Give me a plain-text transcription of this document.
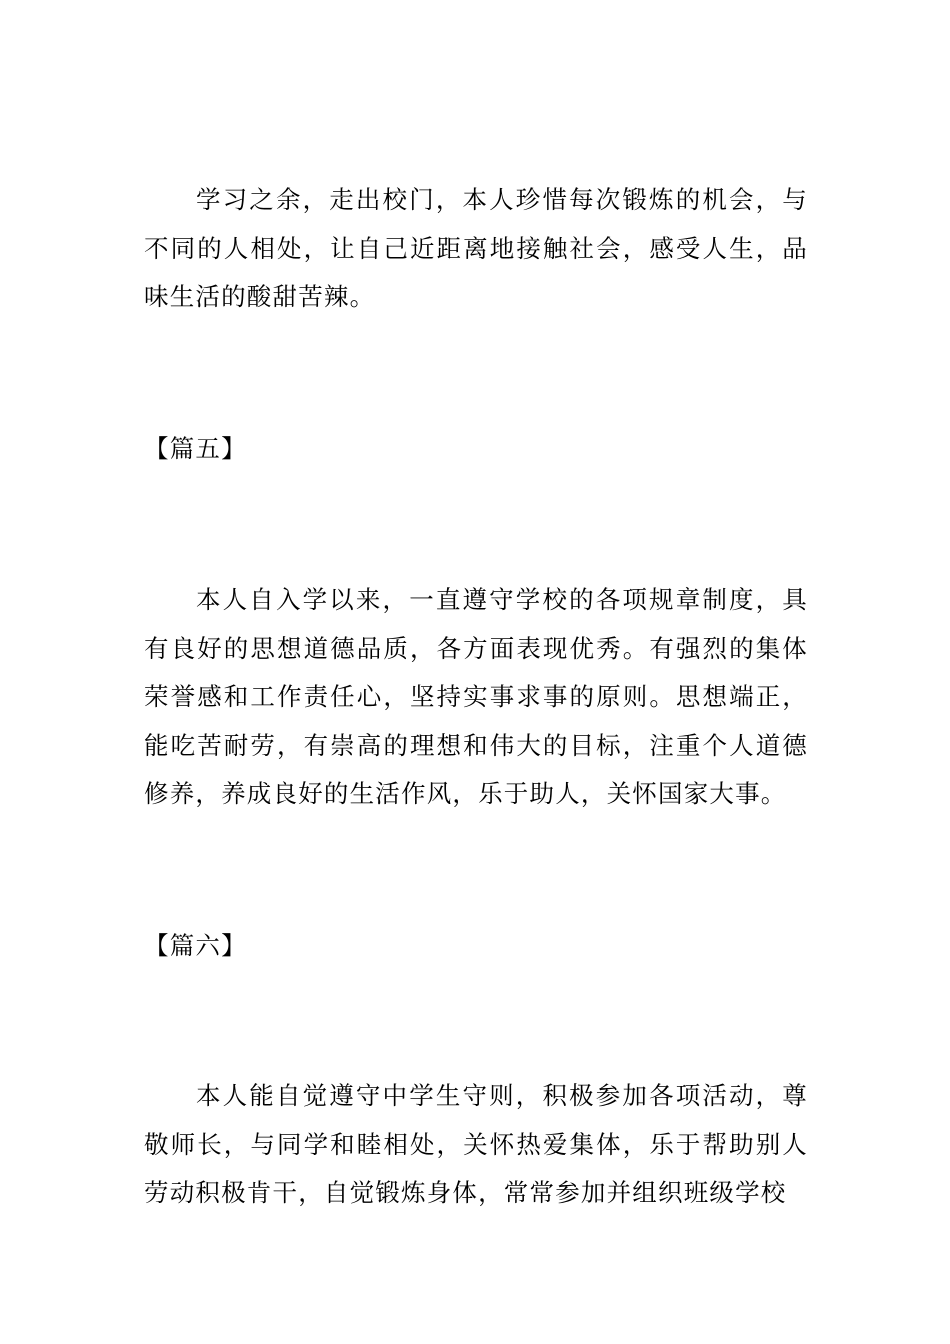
学习之余，走出校门，本人珍惜每次锻炼的机会，与不同的人相处，让自己近距离地接触社会，感受人生，品味生活的酸甜苦辣。

【篇五】

本人自入学以来，一直遵守学校的各项规章制度，具有良好的思想道德品质，各方面表现优秀。有强烈的集体荣誉感和工作责任心，坚持实事求事的原则。思想端正，能吃苦耐劳，有崇高的理想和伟大的目标，注重个人道德修养，养成良好的生活作风，乐于助人，关怀国家大事。

【篇六】

本人能自觉遵守中学生守则，积极参加各项活动，尊敬师长，与同学和睦相处，关怀热爱集体，乐于帮助别人劳动积极肯干，自觉锻炼身体，常常参加并组织班级学校
